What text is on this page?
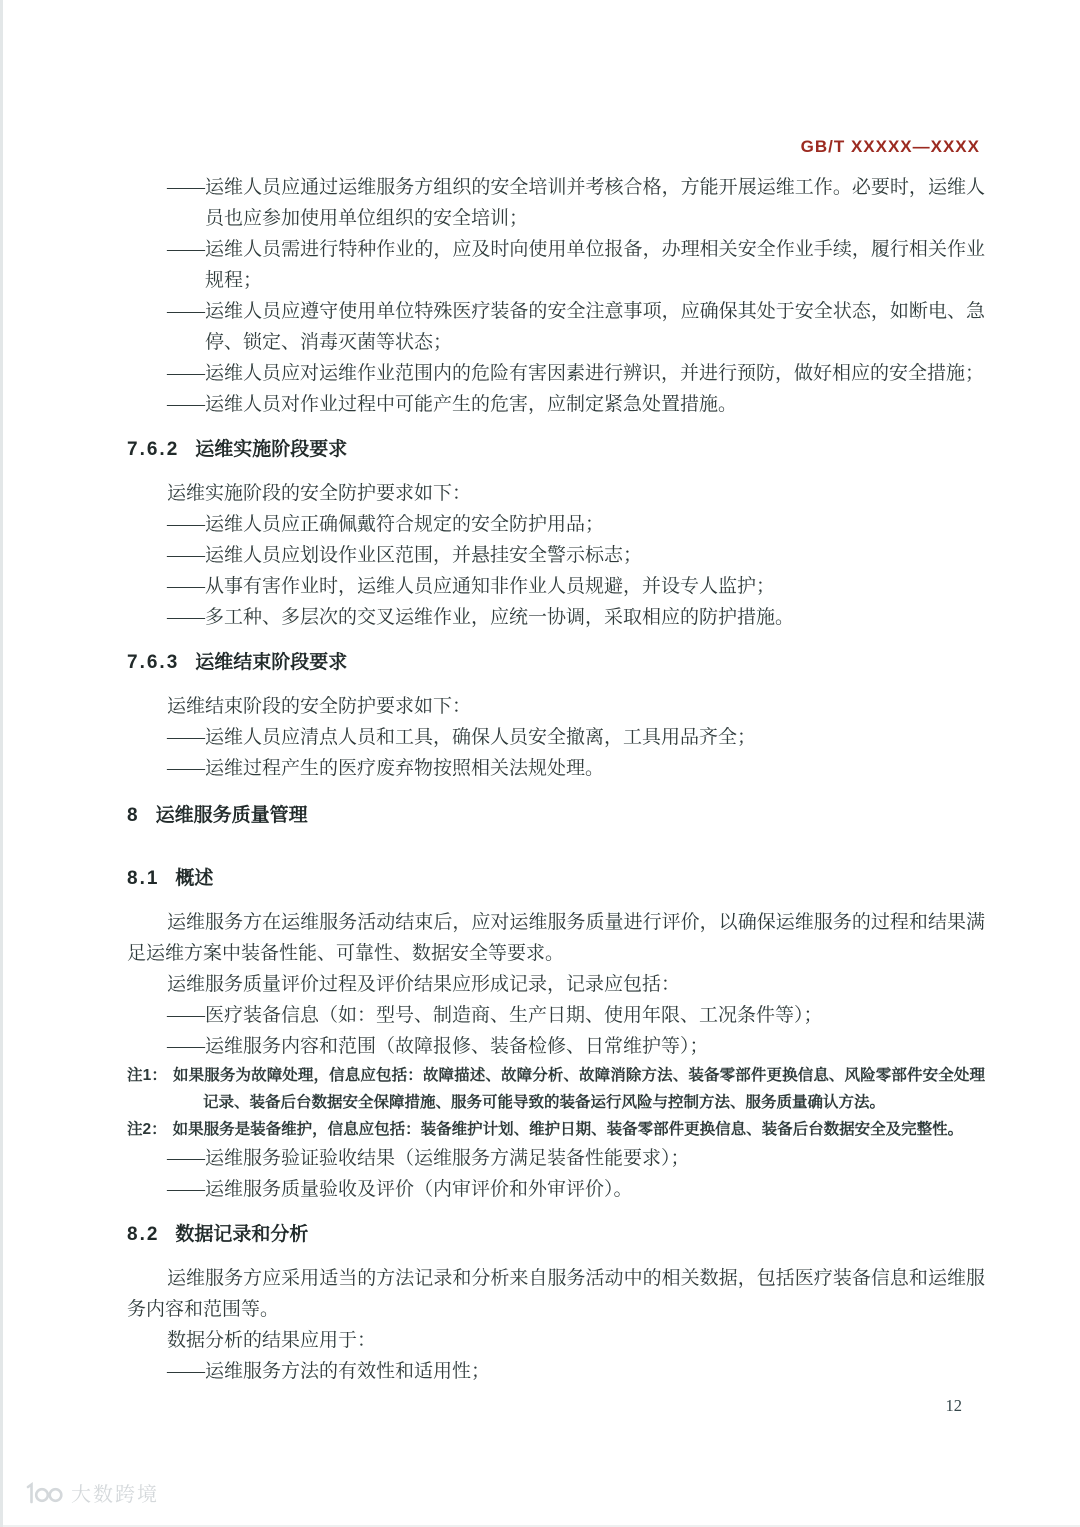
GB/T XXXXX—XXXX

——运维人员应通过运维服务方组织的安全培训并考核合格，方能开展运维工作。必要时，运维人员也应参加使用单位组织的安全培训；

——运维人员需进行特种作业的，应及时向使用单位报备，办理相关安全作业手续，履行相关作业规程；

——运维人员应遵守使用单位特殊医疗装备的安全注意事项，应确保其处于安全状态，如断电、急停、锁定、消毒灭菌等状态；

——运维人员应对运维作业范围内的危险有害因素进行辨识，并进行预防，做好相应的安全措施；

——运维人员对作业过程中可能产生的危害，应制定紧急处置措施。

7.6.2 运维实施阶段要求

运维实施阶段的安全防护要求如下：

——运维人员应正确佩戴符合规定的安全防护用品；

——运维人员应划设作业区范围，并悬挂安全警示标志；

——从事有害作业时，运维人员应通知非作业人员规避，并设专人监护；

——多工种、多层次的交叉运维作业，应统一协调，采取相应的防护措施。

7.6.3 运维结束阶段要求

运维结束阶段的安全防护要求如下：

——运维人员应清点人员和工具，确保人员安全撤离，工具用品齐全；

——运维过程产生的医疗废弃物按照相关法规处理。

8 运维服务质量管理
8.1 概述

运维服务方在运维服务活动结束后，应对运维服务质量进行评价，以确保运维服务的过程和结果满足运维方案中装备性能、可靠性、数据安全等要求。

运维服务质量评价过程及评价结果应形成记录，记录应包括：

——医疗装备信息（如：型号、制造商、生产日期、使用年限、工况条件等）；

——运维服务内容和范围（故障报修、装备检修、日常维护等）；

注1： 如果服务为故障处理，信息应包括：故障描述、故障分析、故障消除方法、装备零部件更换信息、风险零部件安全处理记录、装备后台数据安全保障措施、服务可能导致的装备运行风险与控制方法、服务质量确认方法。

注2： 如果服务是装备维护，信息应包括：装备维护计划、维护日期、装备零部件更换信息、装备后台数据安全及完整性。

——运维服务验证验收结果（运维服务方满足装备性能要求）；

——运维服务质量验收及评价（内审评价和外审评价）。

8.2 数据记录和分析

运维服务方应采用适当的方法记录和分析来自服务活动中的相关数据，包括医疗装备信息和运维服务内容和范围等。

数据分析的结果应用于：

——运维服务方法的有效性和适用性；

12
大数跨境
